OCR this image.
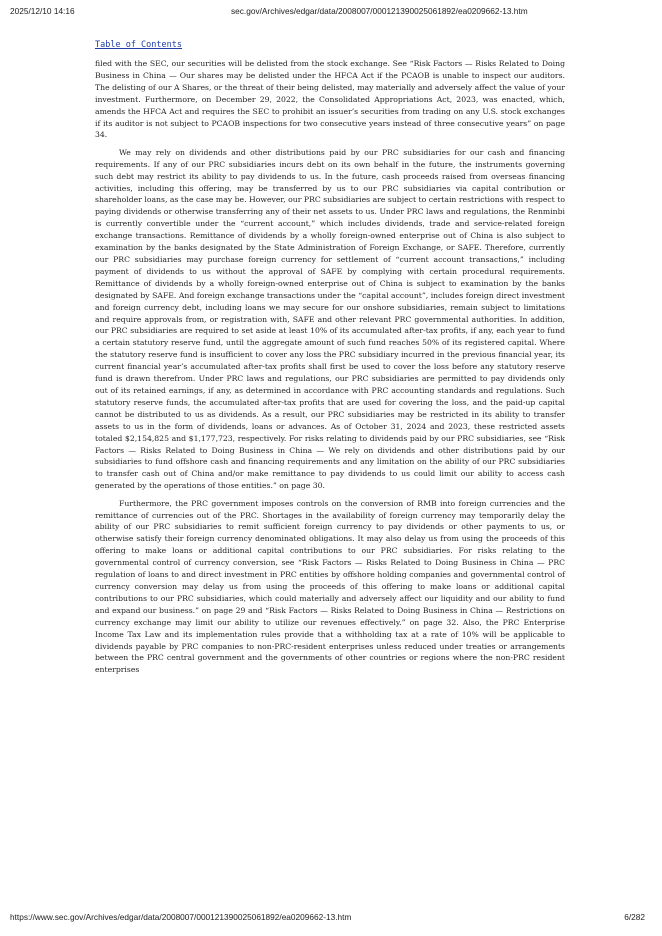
2025/12/10 14:16	sec.gov/Archives/edgar/data/2008007/000121390025061892/ea0209662-13.htm
Table of Contents

filed with the SEC, our securities will be delisted from the stock exchange. See “Risk Factors — Risks Related to Doing Business in China — Our shares may be delisted under the HFCA Act if the PCAOB is unable to inspect our auditors. The delisting of our A Shares, or the threat of their being delisted, may materially and adversely affect the value of your investment. Furthermore, on December 29, 2022, the Consolidated Appropriations Act, 2023, was enacted, which, amends the HFCA Act and requires the SEC to prohibit an issuer’s securities from trading on any U.S. stock exchanges if its auditor is not subject to PCAOB inspections for two consecutive years instead of three consecutive years” on page 34.

We may rely on dividends and other distributions paid by our PRC subsidiaries for our cash and financing requirements. If any of our PRC subsidiaries incurs debt on its own behalf in the future, the instruments governing such debt may restrict its ability to pay dividends to us. In the future, cash proceeds raised from overseas financing activities, including this offering, may be transferred by us to our PRC subsidiaries via capital contribution or shareholder loans, as the case may be. However, our PRC subsidiaries are subject to certain restrictions with respect to paying dividends or otherwise transferring any of their net assets to us. Under PRC laws and regulations, the Renminbi is currently convertible under the “current account,” which includes dividends, trade and service-related foreign exchange transactions. Remittance of dividends by a wholly foreign-owned enterprise out of China is also subject to examination by the banks designated by the State Administration of Foreign Exchange, or SAFE. Therefore, currently our PRC subsidiaries may purchase foreign currency for settlement of “current account transactions,” including payment of dividends to us without the approval of SAFE by complying with certain procedural requirements. Remittance of dividends by a wholly foreign-owned enterprise out of China is subject to examination by the banks designated by SAFE. And foreign exchange transactions under the “capital account”, includes foreign direct investment and foreign currency debt, including loans we may secure for our onshore subsidiaries, remain subject to limitations and require approvals from, or registration with, SAFE and other relevant PRC governmental authorities. In addition, our PRC subsidiaries are required to set aside at least 10% of its accumulated after-tax profits, if any, each year to fund a certain statutory reserve fund, until the aggregate amount of such fund reaches 50% of its registered capital. Where the statutory reserve fund is insufficient to cover any loss the PRC subsidiary incurred in the previous financial year, its current financial year’s accumulated after-tax profits shall first be used to cover the loss before any statutory reserve fund is drawn therefrom. Under PRC laws and regulations, our PRC subsidiaries are permitted to pay dividends only out of its retained earnings, if any, as determined in accordance with PRC accounting standards and regulations. Such statutory reserve funds, the accumulated after-tax profits that are used for covering the loss, and the paid-up capital cannot be distributed to us as dividends. As a result, our PRC subsidiaries may be restricted in its ability to transfer assets to us in the form of dividends, loans or advances. As of October 31, 2024 and 2023, these restricted assets totaled $2,154,825 and $1,177,723, respectively. For risks relating to dividends paid by our PRC subsidiaries, see “Risk Factors — Risks Related to Doing Business in China — We rely on dividends and other distributions paid by our subsidiaries to fund offshore cash and financing requirements and any limitation on the ability of our PRC subsidiaries to transfer cash out of China and/or make remittance to pay dividends to us could limit our ability to access cash generated by the operations of those entities.” on page 30.

Furthermore, the PRC government imposes controls on the conversion of RMB into foreign currencies and the remittance of currencies out of the PRC. Shortages in the availability of foreign currency may temporarily delay the ability of our PRC subsidiaries to remit sufficient foreign currency to pay dividends or other payments to us, or otherwise satisfy their foreign currency denominated obligations. It may also delay us from using the proceeds of this offering to make loans or additional capital contributions to our PRC subsidiaries. For risks relating to the governmental control of currency conversion, see “Risk Factors — Risks Related to Doing Business in China — PRC regulation of loans to and direct investment in PRC entities by offshore holding companies and governmental control of currency conversion may delay us from using the proceeds of this offering to make loans or additional capital contributions to our PRC subsidiaries, which could materially and adversely affect our liquidity and our ability to fund and expand our business.” on page 29 and “Risk Factors — Risks Related to Doing Business in China — Restrictions on currency exchange may limit our ability to utilize our revenues effectively.” on page 32. Also, the PRC Enterprise Income Tax Law and its implementation rules provide that a withholding tax at a rate of 10% will be applicable to dividends payable by PRC companies to non-PRC-resident enterprises unless reduced under treaties or arrangements between the PRC central government and the governments of other countries or regions where the non-PRC resident enterprises

https://www.sec.gov/Archives/edgar/data/2008007/000121390025061892/ea0209662-13.htm	6/282
